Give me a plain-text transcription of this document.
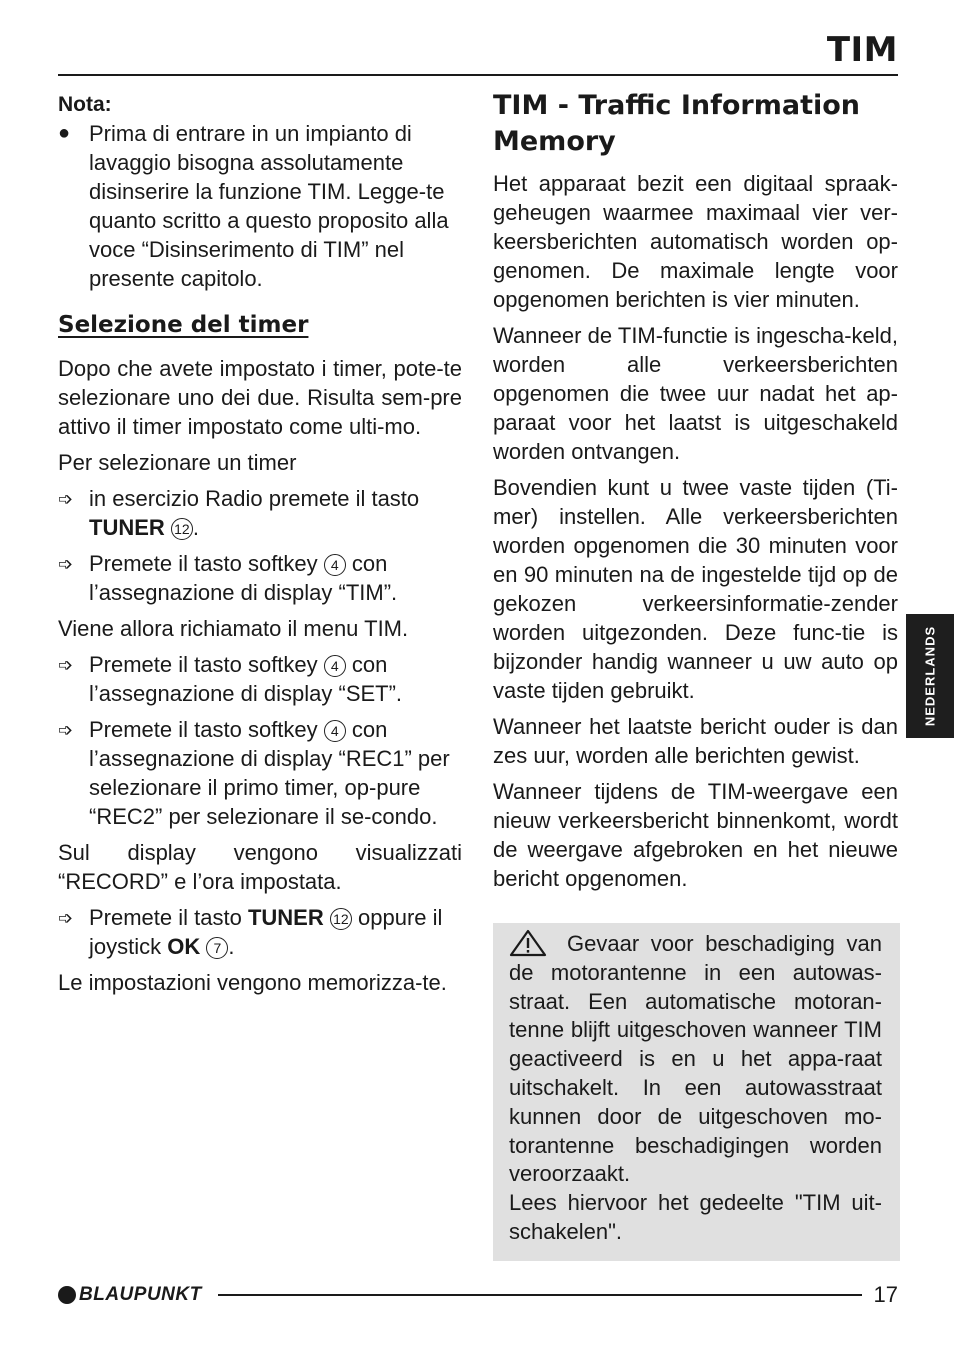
TIM
Nota:
● Prima di entrare in un impianto di lavaggio bisogna assolutamente disinserire la funzione TIM. Legge-te quanto scritto a questo proposito alla voce “Disinserimento di TIM” nel presente capitolo.
Selezione del timer

Dopo che avete impostato i timer, pote-te selezionare uno dei due. Risulta sem-pre attivo il timer impostato come ulti-mo.

Per selezionare un timer

➩ in esercizio Radio premete il tasto TUNER 12 .
➩ Premete il tasto softkey 4 con l’assegnazione di display “TIM”.

Viene allora richiamato il menu TIM.

➩ Premete il tasto softkey 4 con l’assegnazione di display “SET”.
➩ Premete il tasto softkey 4 con l’assegnazione di display “REC1” per selezionare il primo timer, op-pure “REC2” per selezionare il se-condo.

Sul display vengono visualizzati “RECORD” e l’ora impostata.

➩ Premete il tasto TUNER 12 oppure il joystick OK 7 .

Le impostazioni vengono memorizza-te.

TIM - Traffic Information Memory

Het apparaat bezit een digitaal spraak-geheugen waarmee maximaal vier ver-keersberichten automatisch worden op-genomen. De maximale lengte voor opgenomen berichten is vier minuten.

Wanneer de TIM-functie is ingescha-keld, worden alle verkeersberichten opgenomen die twee uur nadat het ap-paraat voor het laatst is uitgeschakeld worden ontvangen.

Bovendien kunt u twee vaste tijden (Ti-mer) instellen. Alle verkeersberichten worden opgenomen die 30 minuten voor en 90 minuten na de ingestelde tijd op de gekozen verkeersinformatie-zender worden uitgezonden. Deze func-tie is bijzonder handig wanneer u uw auto op vaste tijden gebruikt.

Wanneer het laatste bericht ouder is dan zes uur, worden alle berichten gewist.

Wanneer tijdens de TIM-weergave een nieuw verkeersbericht binnenkomt, wordt de weergave afgebroken en het nieuwe bericht opgenomen.

Gevaar voor beschadiging van de motorantenne in een autowas-straat. Een automatische motoran-tenne blijft uitgeschoven wanneer TIM geactiveerd is en u het appa-raat uitschakelt. In een autowasstraat kunnen door de uitgeschoven mo-torantenne beschadigingen worden veroorzaakt.
Lees hiervoor het gedeelte "TIM uit-schakelen".
NEDERLANDS
BLAUPUNKT	17
